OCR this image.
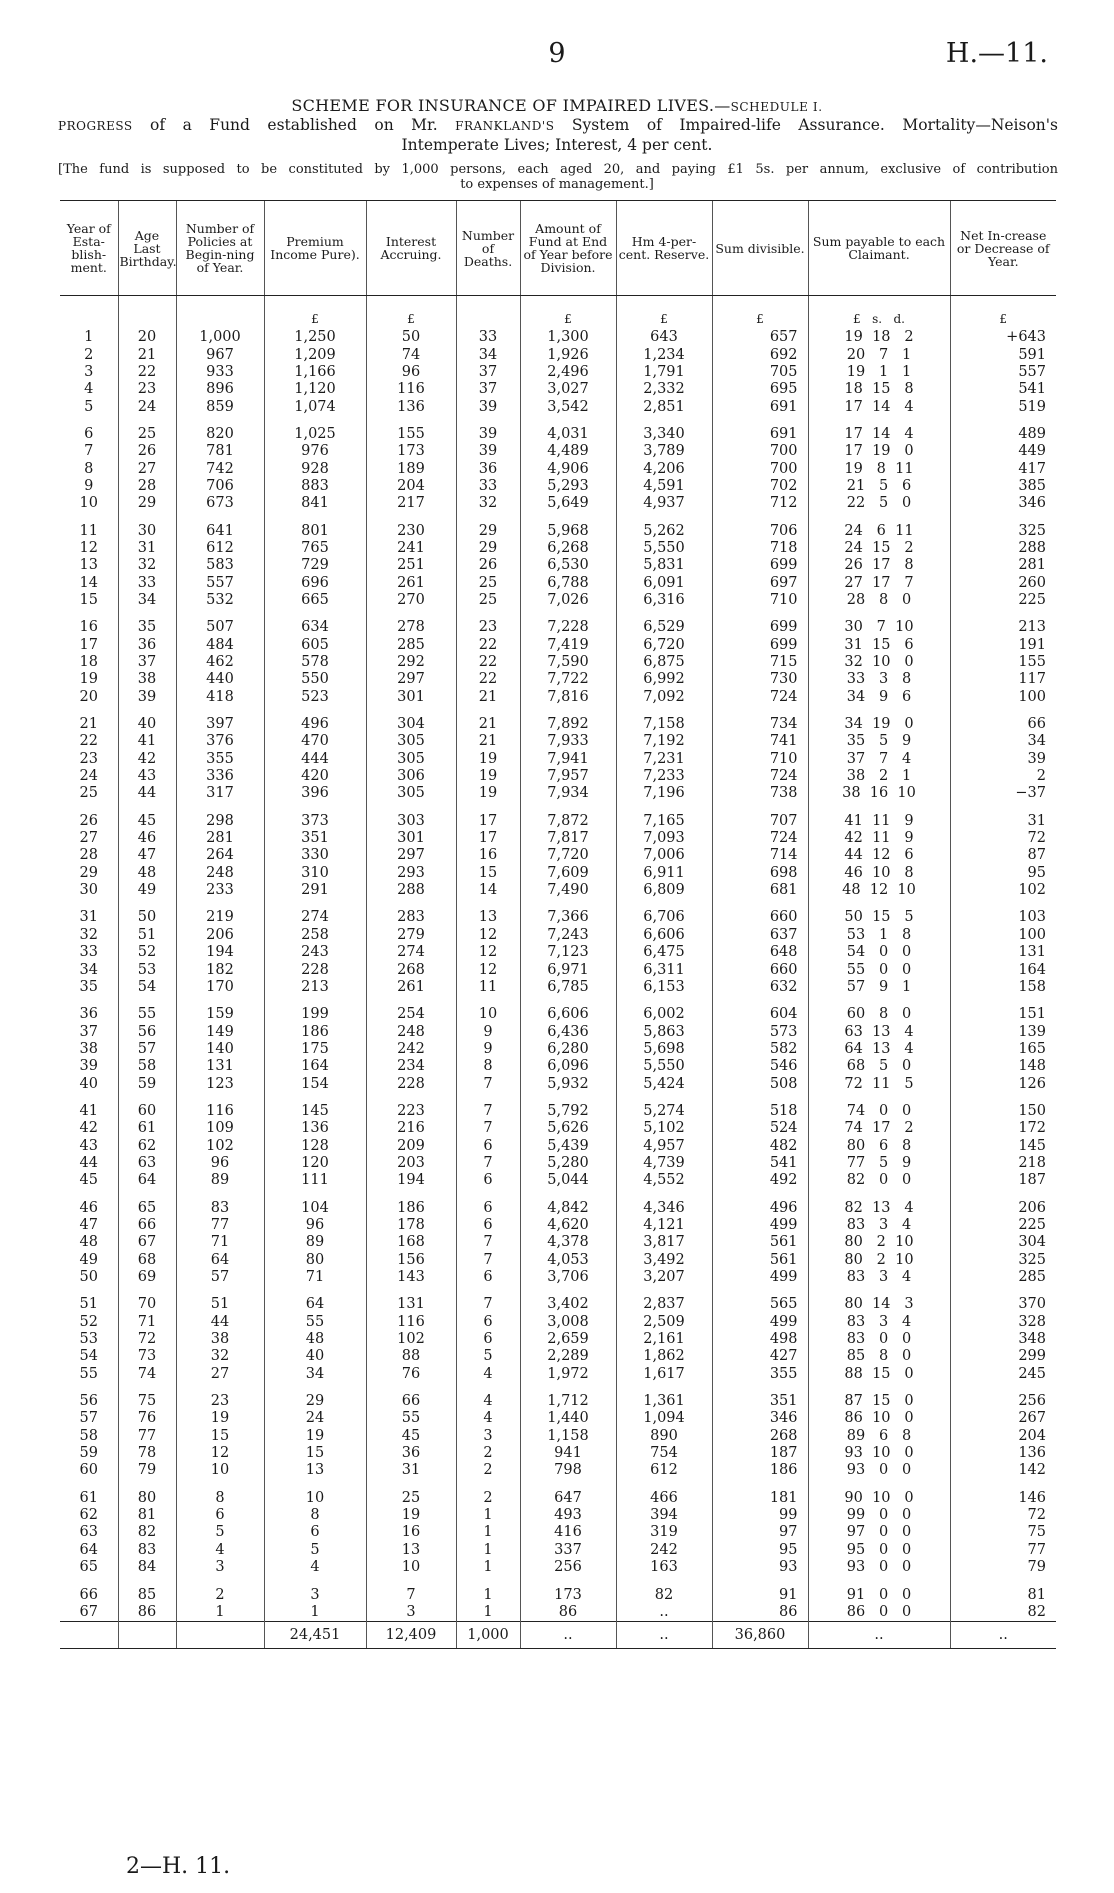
9	H.—11.
SCHEME FOR INSURANCE OF IMPAIRED LIVES.—SCHEDULE I.
PROGRESS of a Fund established on Mr. FRANKLAND'S System of Impaired-life Assurance. Mortality—Neison's
Intemperate Lives; Interest, 4 per cent.
[The fund is supposed to be constituted by 1,000 persons, each aged 20, and paying £1 5s. per annum, exclusive of contribution
to expenses of management.]
Year of Esta-blish-ment.	Age Last Birthday.	Number of Policies at Begin-ning of Year.	Premium Income Pure).	Interest Accruing.	Number of Deaths.	Amount of Fund at End of Year before Division.	Hm 4-per-cent. Reserve.	Sum divisible.	Sum payable to each Claimant.	Net In-crease or Decrease of Year.

			£	£		£	£	£	£   s.   d.	£
1	20	1,000	1,250	50	33	1,300	643	657	19  18   2	+643
2	21	967	1,209	74	34	1,926	1,234	692	20   7   1	591
3	22	933	1,166	96	37	2,496	1,791	705	19   1   1	557
4	23	896	1,120	116	37	3,027	2,332	695	18  15   8	541
5	24	859	1,074	136	39	3,542	2,851	691	17  14   4	519

6	25	820	1,025	155	39	4,031	3,340	691	17  14   4	489
7	26	781	976	173	39	4,489	3,789	700	17  19   0	449
8	27	742	928	189	36	4,906	4,206	700	19   8  11	417
9	28	706	883	204	33	5,293	4,591	702	21   5   6	385
10	29	673	841	217	32	5,649	4,937	712	22   5   0	346

11	30	641	801	230	29	5,968	5,262	706	24   6  11	325
12	31	612	765	241	29	6,268	5,550	718	24  15   2	288
13	32	583	729	251	26	6,530	5,831	699	26  17   8	281
14	33	557	696	261	25	6,788	6,091	697	27  17   7	260
15	34	532	665	270	25	7,026	6,316	710	28   8   0	225

16	35	507	634	278	23	7,228	6,529	699	30   7  10	213
17	36	484	605	285	22	7,419	6,720	699	31  15   6	191
18	37	462	578	292	22	7,590	6,875	715	32  10   0	155
19	38	440	550	297	22	7,722	6,992	730	33   3   8	117
20	39	418	523	301	21	7,816	7,092	724	34   9   6	100

21	40	397	496	304	21	7,892	7,158	734	34  19   0	66
22	41	376	470	305	21	7,933	7,192	741	35   5   9	34
23	42	355	444	305	19	7,941	7,231	710	37   7   4	39
24	43	336	420	306	19	7,957	7,233	724	38   2   1	2
25	44	317	396	305	19	7,934	7,196	738	38  16  10	−37

26	45	298	373	303	17	7,872	7,165	707	41  11   9	31
27	46	281	351	301	17	7,817	7,093	724	42  11   9	72
28	47	264	330	297	16	7,720	7,006	714	44  12   6	87
29	48	248	310	293	15	7,609	6,911	698	46  10   8	95
30	49	233	291	288	14	7,490	6,809	681	48  12  10	102

31	50	219	274	283	13	7,366	6,706	660	50  15   5	103
32	51	206	258	279	12	7,243	6,606	637	53   1   8	100
33	52	194	243	274	12	7,123	6,475	648	54   0   0	131
34	53	182	228	268	12	6,971	6,311	660	55   0   0	164
35	54	170	213	261	11	6,785	6,153	632	57   9   1	158

36	55	159	199	254	10	6,606	6,002	604	60   8   0	151
37	56	149	186	248	9	6,436	5,863	573	63  13   4	139
38	57	140	175	242	9	6,280	5,698	582	64  13   4	165
39	58	131	164	234	8	6,096	5,550	546	68   5   0	148
40	59	123	154	228	7	5,932	5,424	508	72  11   5	126

41	60	116	145	223	7	5,792	5,274	518	74   0   0	150
42	61	109	136	216	7	5,626	5,102	524	74  17   2	172
43	62	102	128	209	6	5,439	4,957	482	80   6   8	145
44	63	96	120	203	7	5,280	4,739	541	77   5   9	218
45	64	89	111	194	6	5,044	4,552	492	82   0   0	187

46	65	83	104	186	6	4,842	4,346	496	82  13   4	206
47	66	77	96	178	6	4,620	4,121	499	83   3   4	225
48	67	71	89	168	7	4,378	3,817	561	80   2  10	304
49	68	64	80	156	7	4,053	3,492	561	80   2  10	325
50	69	57	71	143	6	3,706	3,207	499	83   3   4	285

51	70	51	64	131	7	3,402	2,837	565	80  14   3	370
52	71	44	55	116	6	3,008	2,509	499	83   3   4	328
53	72	38	48	102	6	2,659	2,161	498	83   0   0	348
54	73	32	40	88	5	2,289	1,862	427	85   8   0	299
55	74	27	34	76	4	1,972	1,617	355	88  15   0	245

56	75	23	29	66	4	1,712	1,361	351	87  15   0	256
57	76	19	24	55	4	1,440	1,094	346	86  10   0	267
58	77	15	19	45	3	1,158	890	268	89   6   8	204
59	78	12	15	36	2	941	754	187	93  10   0	136
60	79	10	13	31	2	798	612	186	93   0   0	142

61	80	8	10	25	2	647	466	181	90  10   0	146
62	81	6	8	19	1	493	394	99	99   0   0	72
63	82	5	6	16	1	416	319	97	97   0   0	75
64	83	4	5	13	1	337	242	95	95   0   0	77
65	84	3	4	10	1	256	163	93	93   0   0	79

66	85	2	3	7	1	173	82	91	91   0   0	81
67	86	1	1	3	1	86	..	86	86   0   0	82
			24,451	12,409	1,000	..	..	36,860	..	..
2—H. 11.
